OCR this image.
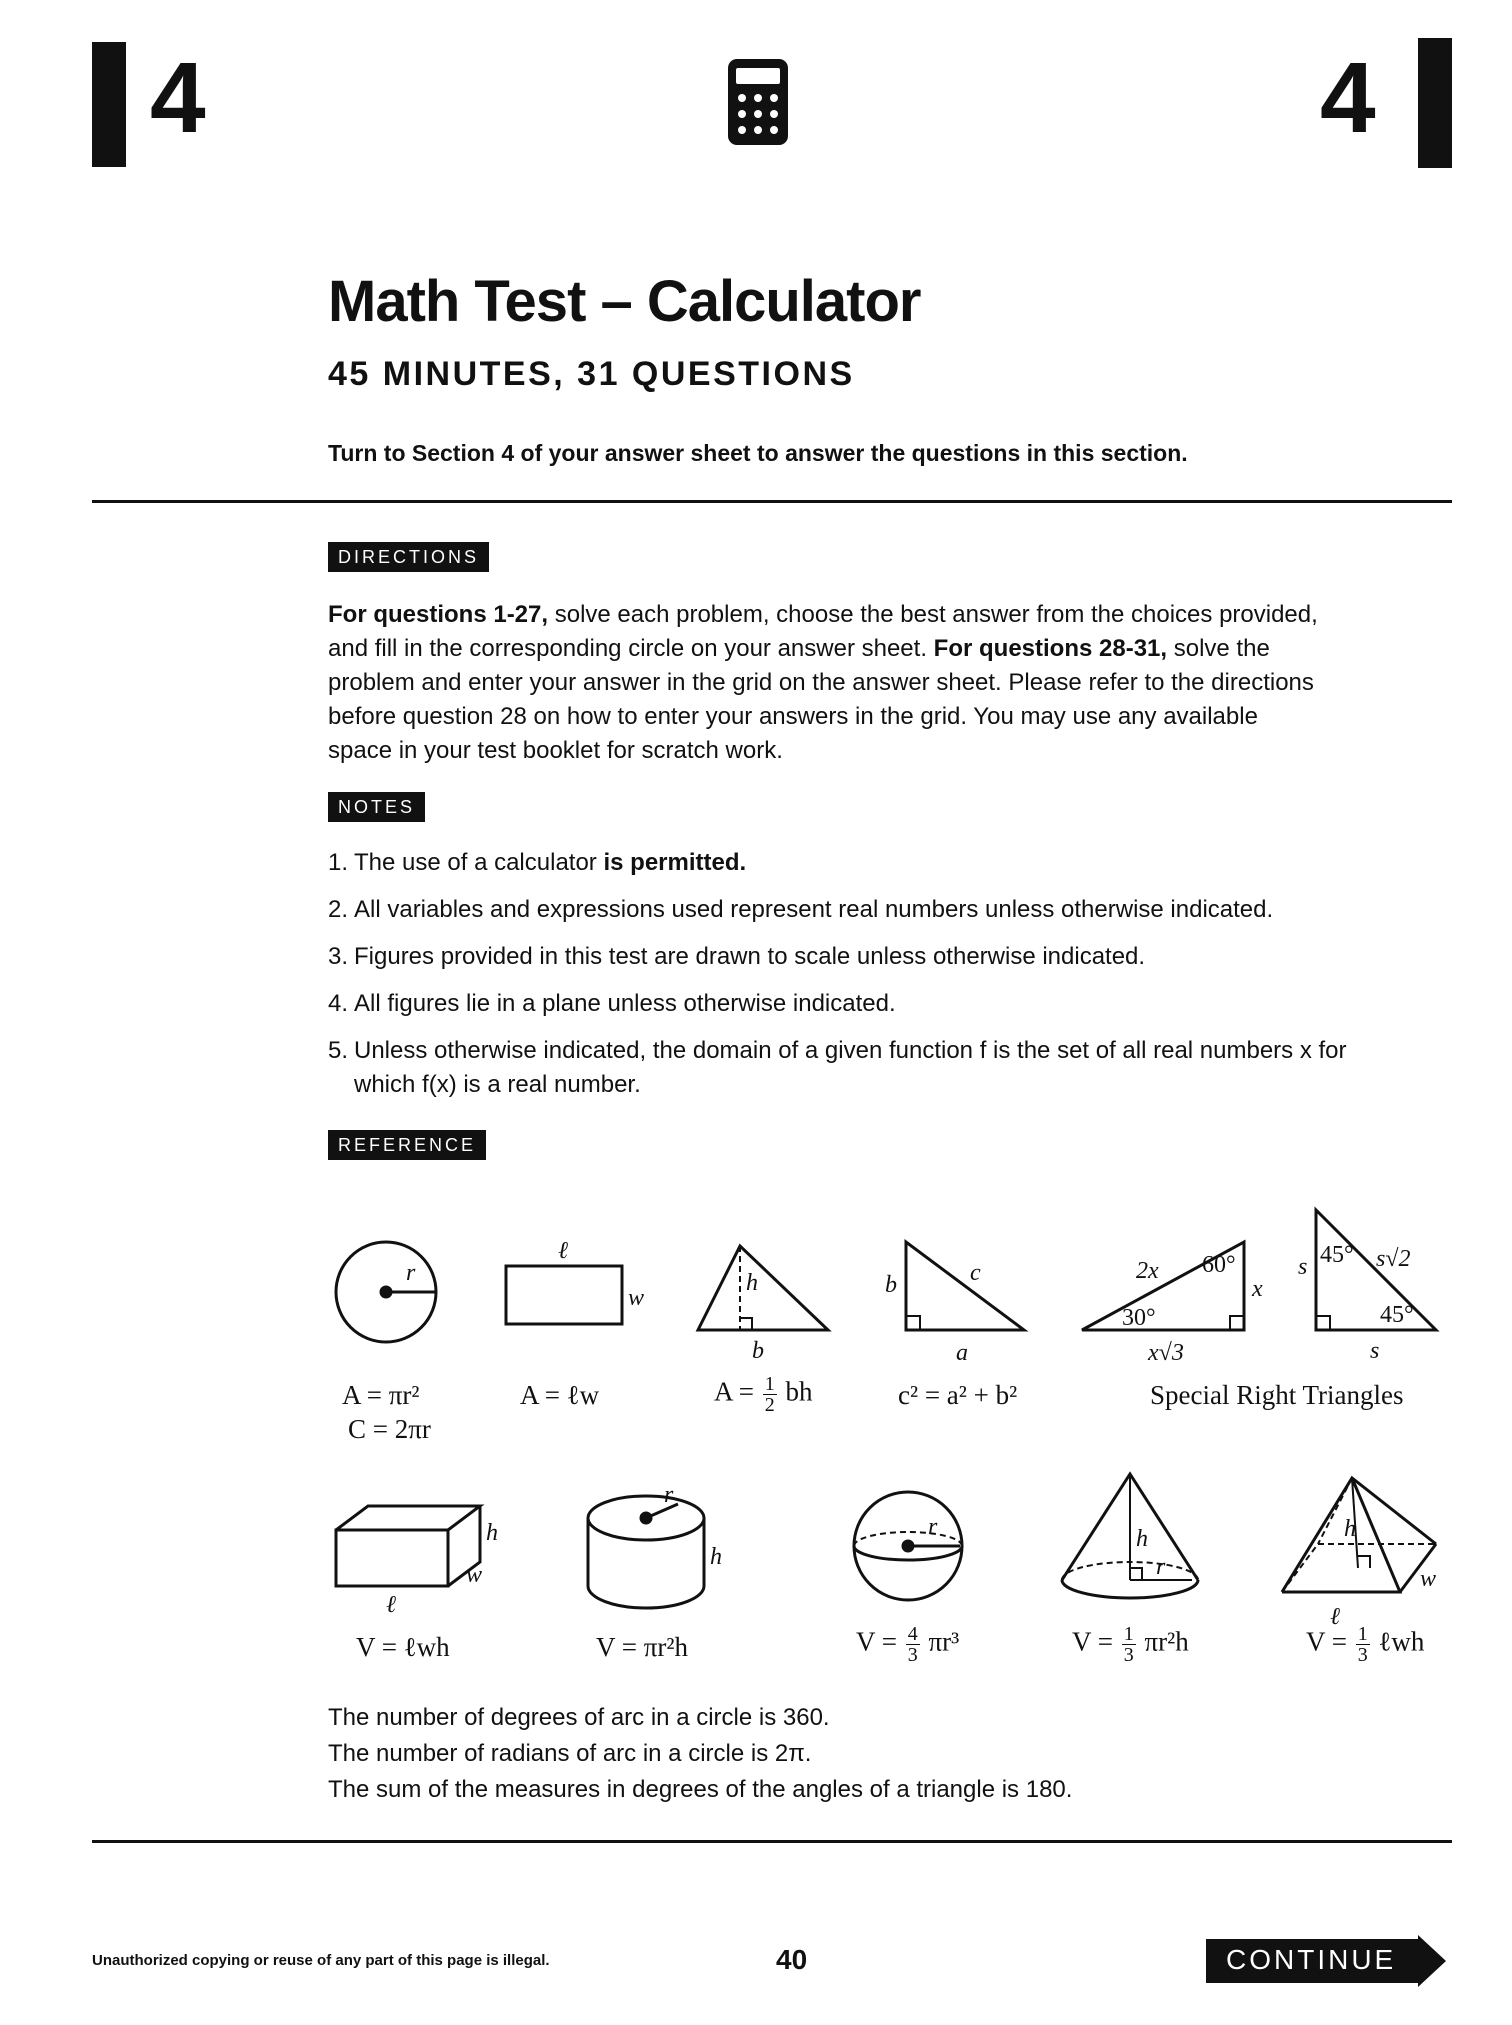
4	4
Math Test – Calculator
45 MINUTES, 31 QUESTIONS
Turn to Section 4 of your answer sheet to answer the questions in this section.
DIRECTIONS
For questions 1-27, solve each problem, choose the best answer from the choices provided, and fill in the corresponding circle on your answer sheet. For questions 28-31, solve the problem and enter your answer in the grid on the answer sheet. Please refer to the directions before question 28 on how to enter your answers in the grid. You may use any available space in your test booklet for scratch work.
NOTES
1. The use of a calculator is permitted.
2. All variables and expressions used represent real numbers unless otherwise indicated.
3. Figures provided in this test are drawn to scale unless otherwise indicated.
4. All figures lie in a plane unless otherwise indicated.
5. Unless otherwise indicated, the domain of a given function f is the set of all real numbers x for which f(x) is a real number.
REFERENCE
r
ℓ
w
h
b
b	c
a
2x 60°
x
30°
x√3
s 45° s√2
45°
s
h
w
ℓ
r
h
r	h
r
h
w
ℓ
A = πr²
C = 2πr
A = ℓw	$A = \frac{1}{2}$ bh	c² = a² + b²	Special Right Triangles
V = ℓwh	V = πr²h	$V = \frac{4}{3} \pi r^3$	$V = \frac{1}{3} \pi r^2h$	$V = \frac{1}{3}$ ℓwh
The number of degrees of arc in a circle is 360.
The number of radians of arc in a circle is 2π.
The sum of the measures in degrees of the angles of a triangle is 180.
Unauthorized copying or reuse of any part of this page is illegal.	40	CONTINUE
